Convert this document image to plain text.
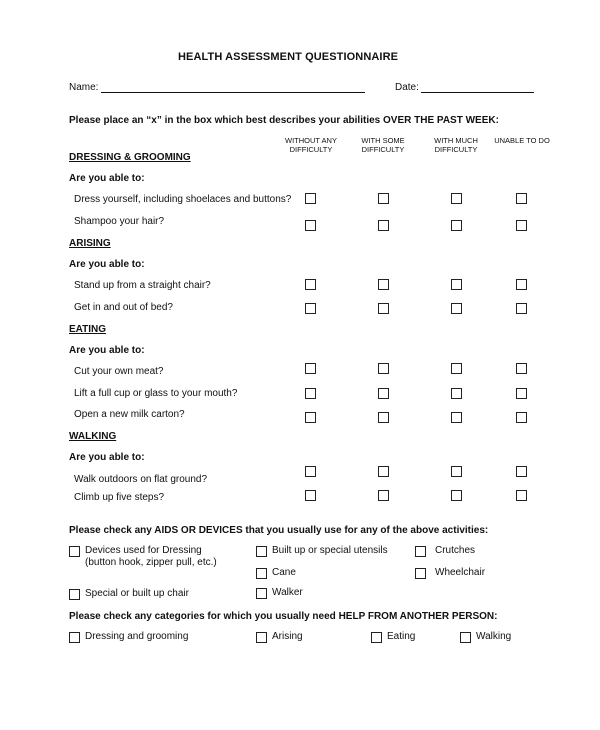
HEALTH ASSESSMENT QUESTIONNAIRE
Name:	Date:
Please place an “x” in the box which best describes your abilities OVER THE PAST WEEK:
WITHOUT ANY DIFFICULTY
WITH SOME DIFFICULTY
WITH MUCH DIFFICULTY
UNABLE TO DO
DRESSING & GROOMING
Are you able to:
Dress yourself, including shoelaces and buttons?
Shampoo your hair?
ARISING
Are you able to:
Stand up from a straight chair?
Get in and out of bed?
EATING
Are you able to:
Cut your own meat?
Lift a full cup or glass to your mouth?
Open a new milk carton?
WALKING
Are you able to:
Walk outdoors on flat ground?
Climb up five steps?
Please check any AIDS OR DEVICES that you usually use for any of the above activities:
Devices used for Dressing
(button hook, zipper pull, etc.)
Built up or special utensils	Crutches
Cane	Wheelchair
Special or built up chair	Walker
Please check any categories for which you usually need HELP FROM ANOTHER PERSON:
Dressing and grooming	Arising	Eating	Walking
